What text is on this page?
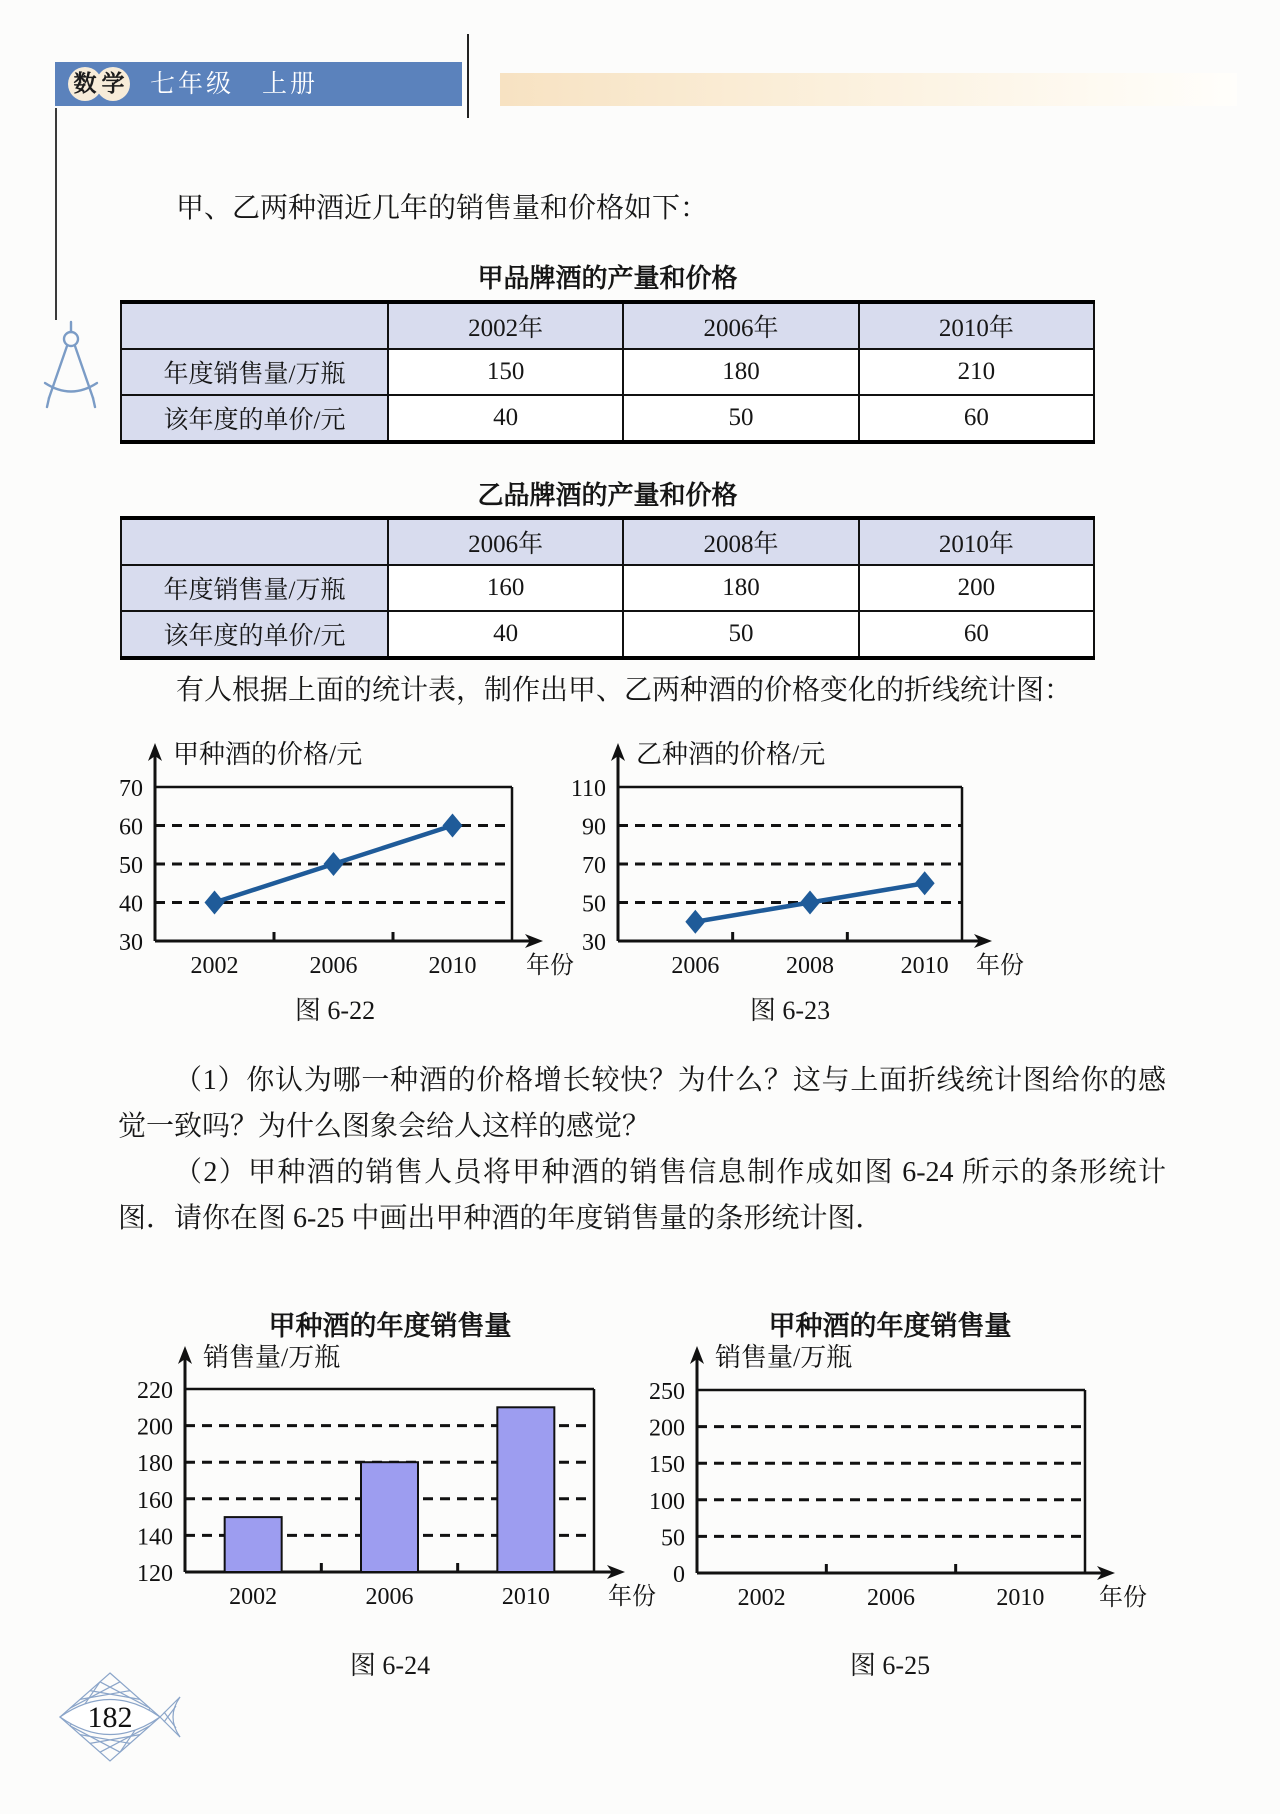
数 学 七年级　上册

甲、乙两种酒近几年的销售量和价格如下：

甲品牌酒的产量和价格
	2002年	2006年	2010年
年度销售量/万瓶	150	180	210
该年度的单价/元	40	50	60
乙品牌酒的产量和价格
	2006年	2008年	2010年
年度销售量/万瓶	160	180	200
该年度的单价/元	40	50	60

有人根据上面的统计表，制作出甲、乙两种酒的价格变化的折线统计图：

70
60
50
40
30
2002	2006	2010 年份
甲种酒的价格/元
110
90
70
50
30
2006	2008	2010 年份
乙种酒的价格/元
图 6-22	图 6-23

（1）你认为哪一种酒的价格增长较快？为什么？这与上面折线统计图给你的感觉一致吗？为什么图象会给人这样的感觉？

（2）甲种酒的销售人员将甲种酒的销售信息制作成如图 6-24 所示的条形统计图．请你在图 6-25 中画出甲种酒的年度销售量的条形统计图．

甲种酒的年度销售量	甲种酒的年度销售量
220
200
180
160
140
120
2002	2006	2010 年份
销售量/万瓶
250
200
150
100
50
0
2002	2006	2010 年份
销售量/万瓶
图 6-24	图 6-25
182
